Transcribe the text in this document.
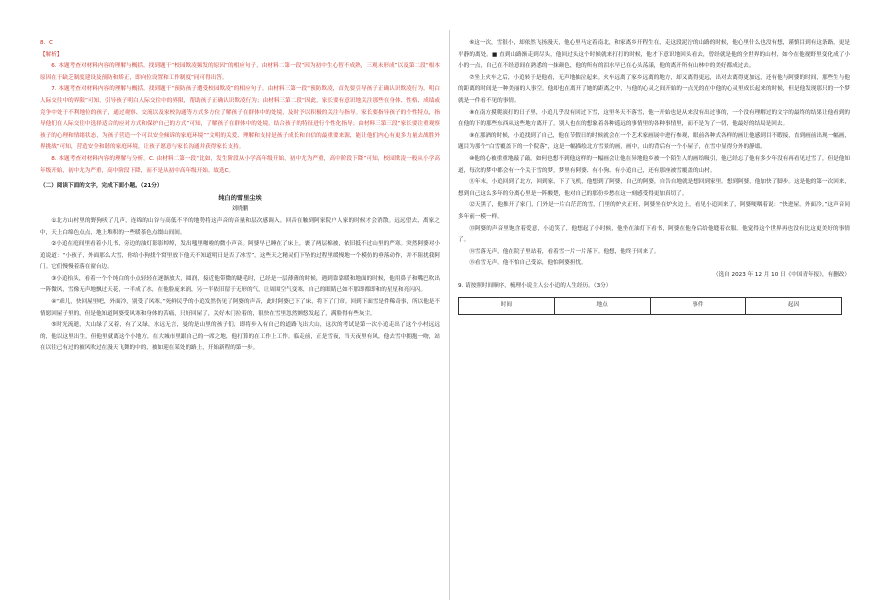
8．C

【解析】

6. 本题考查对材料内容的理解与概括。找到题干“校园欺凌频发的原因”的相应句子，由材料二第一段“因为初中生心智不成熟，三观未形成”以及第二段“根本原因在于缺乏制度建设及预防和矫正，即向位设置和工作制度”同可得出答。

7. 本题考查对材料内容的理解与概括。找到题干“预防孩子遭受校园欺凌”的相应句子。由材料三第一段“预防欺凌，首先要引导孩子正确认识欺凌行为，明白人际交往中的界限”可知，引导孩子明白人际交往中的界限，帮助孩子正确认识欺凌行为；由材料三第二段“因此，家长要有意识地关注那些在身体、性格、成绩或竞争中处于不利地位的孩子，通过观察、交流以及家校沟通等方式多方位了解孩子在群体中的处境，及时予以积极的关注与指导。家长要指导孩子的个性特点，指导他们在人际交往中选择适合的应对方式和保护自己的方式”可知，了解孩子在群体中的处境，结合孩子的特征进行个性化指导；由材料三第三段“家长要注重观察孩子的心理和情绪状态，为孩子营造一个可以安全倾诉的家庭环境”“文明的关爱、理解和支持是孩子成长和自信的最重要来源，能让他们内心有更多力量去战胜外界挑战”可知，营造安全和谐的家庭环境，让孩子愿意与家长沟通并获得家长支持。

8. 本题考查对材料内容的理解与分析。C. 由材料二第一段“比如，发生阶段从小学高年级开始，初中尤为严重，高中阶段下降”可知，校园欺凌一般从小学高年级开始，初中尤为严重，高中阶段下降，而不是从初中高年级开始。故选C。

（二）阅读下面的文字，完成下面小题。（21分）

纯白的雪里尘埃

刘晓鹏

①北方山村里的野狗吠了几声，连绵的山谷与高低不平的地势将这声音的音量和层次感调入。回音在触到阿家院户人家的时候才会消散。远远望去，离家之中，天上白绵色点点，地上堆积的一些暖茶色点缀山间间。

②小追在庭间里看着小儿书，旁边的油灯影影绰绰，发出嗤里啪啦的微小声音。阿婆早已睡在了床上，裹了两层棉被，依旧抵不过山里的严寒。突然阿婆对小追说道：“小孩子，外面那么大雪，你给小狗找个窝里放下他天不知道明日是否了冰雪”。这些天之精灵们下坠的过程里缓慢地一个模仿的垂落动作，并不阻扰我阿门。它们慢慢着落在窗台边。

③小追抬头，看着一个个纯白的小点轻轻在逐渐放大，圆润，接近他带微的睫毛时，已经是一层薄薄的时候，遇到靠靠暖和地面的时候，他用鼻子和嘴巴吹出一阵微风，雪像无声地飘过天花，一半成了水，在他脸庞来润，另一半依旧留于无形的气，让周围空气变寒，自己的眼睛已如不那即都即和的星星和亮闪闪。

④“乖儿，快回屋里吧，外面冷，别受了风寒。”死鲜民乎的小追发然伤见了阿婆的声音，此时阿婆已下了床，将下了门帘。回到下面雪是件稀奇事，所以他是不情愿回屋子里的，但是他知道阿婆受风寒和身体的苦痛，只好回屋了，关好木门拉着的，很快在雪里忽然颤悠发起了，满脸得有些灰尘。

⑤时光流逝，大山绿了又着，有了又绿，水远无言，曼的是山里的孩子们，即将步入有自己的道路飞出大山，这次的考试是第一次小追走出了这个小村远远的，他以这里出生，但他里就离这个小地方，在大城市里跟自己的一席之地，他打算的在工作上工作。临走前，正是雪夜，当天夜里有风，他去雪中拥抱一吻，站在以往已有过的被风吹过在漫天飞舞的中的，被如迎在某处的路上，开始新程的第一步。

⑥这一次，雪很小，却依然飞扬漫天，他心里马定着南北，和家离乡开程生在，走这段泥泞的山路的时候，他心里什么也没有想，谨慎目到有这条路，更是平静的离处。■ 直到山路渐走到尽头，他回过头这个时候就来打打的时候，他才下意识地回头看去，曾经就是他的全世界的山村，如今在他视野里变化成了小小的一点，自己在不经意间在熟悉的一抹颜色，他的所有的泪水早已在心头荡漾，他的离开所有山林中的美好都成过去。

⑦坐上火车之后，小追转于是他看，无声地抽泣起来。火车远离了家乡远离的地方，却又离得更远，出对去离得更加远，还有他与阿婆的时间，那些生与他的距离的时间是一种美丽的人事空。他却也在离开了她的距离之中，与他的心灵之间开始的一点光的在中他的心灵里成长起来的时候，但是他发现那只的一个梦就是一件看不见的事情。

⑧在南方摸爬滚打的日子里，小追几乎没有回过下雪，这里冬天不落雪，他一开始也是从来没有出过事的，一个没有理解过的文字的最终的结果让他看到的在他的下的那些东西从这些地方离开了，别人也在的想象着各种遥远的事情里的各种事情里，而不是为了一切，他最好的结局是回去。

⑨在那酒的时候，小追找到了自己，他在节假日的时候就会在一个艺术家画展中进行参观，眼前各种式各样的画让他感到目不暇接，直到画前出现一幅画，题目为那个“白雪覆盖下的一个院落”，这是一幅描绘北方雪景的画，画中，山的背后有一个小屋子，在雪中显得分外的静谧。

⑩他的心被重重地敲了敲。如何也想不到他这样的一幅画会让他在异地他乡被一个陌生人的画给吸引，他已经忘了他有多少年没有再看见过雪了，但是他知道，每次的梦中都会有一个关于雪的梦，梦里有阿婆、有小狗、有小追自己，还有那座被雪覆盖的山村。

⑪年末，小追回到了北方，回到家，下了飞机，他想到了阿婆，自己的阿婆，自告自地就是想回到家里。想到阿婆，他加快了脚步。这是他的第一次回来，想到自己这么多年的分离心里是一阵酸楚，他对自己的那份乡愁在这一刻感受得更加真切了。

⑫天黑了，他推开了家门，门外是一片白茫茫的雪，门里的炉火正旺，阿婆坐在炉火边上，看见小追回来了，阿婆哽咽着说：“快进屋，外面冷。”这声音同多年前一模一样。

⑬阿婆的声音里饱含着爱意，小追笑了，他想起了小时候，他坐在油灯下看书，阿婆在他身后给他缝着衣服。他觉得这个世界再也没有比这更美好的事情了。

⑭雪落无声，他在院子里站着，看着雪一片一片落下。他想，他终于回来了。

⑮看雪无声。他不怕自己受凉，他怕阿婆担忧。

（选自 2023 年 12 月 10 日《中国青年报》，有删改）

9. 请按照时间顺序，梳理小说主人公小追的人生经历。（3分）

时间	地点	事件	起因
